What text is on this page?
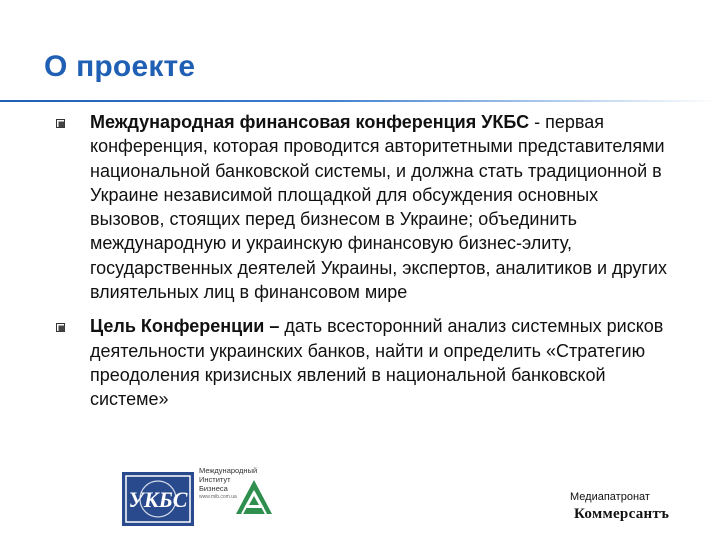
О проекте
Международная финансовая конференция УКБС - первая конференция, которая проводится авторитетными представителями национальной банковской системы, и должна стать традиционной в Украине независимой площадкой для обсуждения основных вызовов, стоящих перед бизнесом в Украине; объединить международную и украинскую финансовую бизнес-элиту, государственных деятелей Украины, экспертов, аналитиков и других влиятельных лиц в финансовом мире
Цель Конференции – дать всесторонний анализ системных рисков деятельности украинских банков, найти и определить «Стратегию преодоления кризисных явлений в национальной банковской системе»
УКБС
Международный
Институт
Бизнеса
www.mib.com.ua	Медиапатронат
Коммерсантъ
